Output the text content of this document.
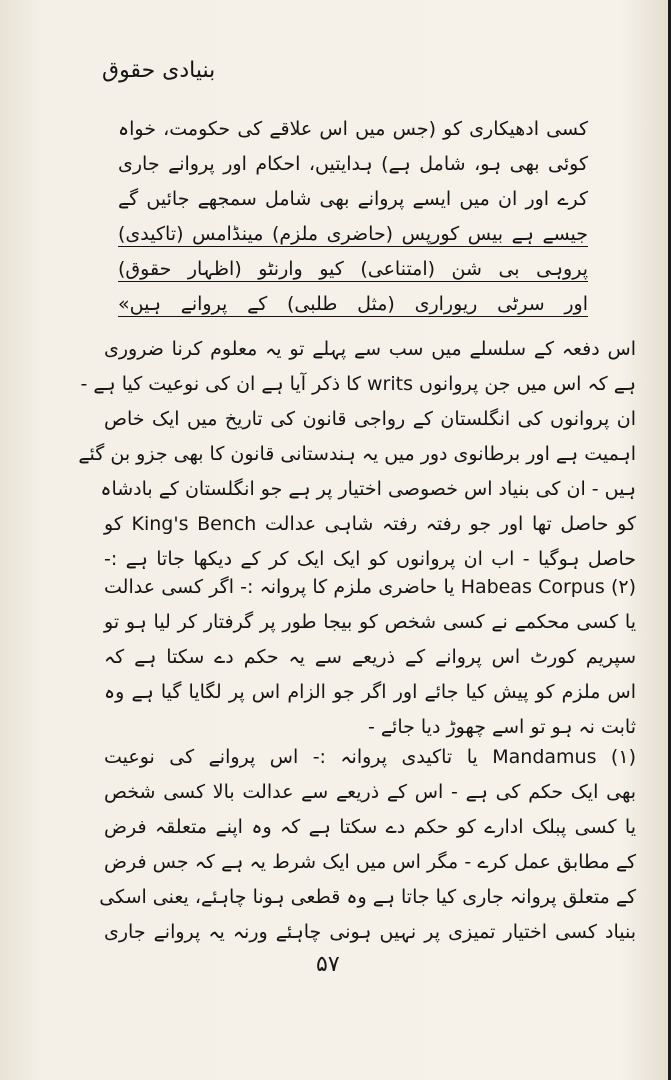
بنیادی حقوق
کسی ادھیکاری کو (جس میں اس علاقے کی حکومت، خواہ
کوئی بھی ہو، شامل ہے) ہدایتیں، احکام اور پروانے جاری
کرے اور ان میں ایسے پروانے بھی شامل سمجھے جائیں گے
جیسے ہے بیس کورپس (حاضری ملزم) مینڈامس (تاکیدی)
پروہی بی شن (امتناعی) کیو وارنٹو (اظہار حقوق)
اور سرٹی ریوراری (مثل طلبی) کے پروانے ہیں»
اس دفعہ کے سلسلے میں سب سے پہلے تو یہ معلوم کرنا ضروری
ہے کہ اس میں جن پروانوں writs کا ذکر آیا ہے ان کی نوعیت کیا ہے -
ان پروانوں کی انگلستان کے رواجی قانون کی تاریخ میں ایک خاص
اہمیت ہے اور برطانوی دور میں یہ ہندستانی قانون کا بھی جزو بن گئے
ہیں - ان کی بنیاد اس خصوصی اختیار پر ہے جو انگلستان کے بادشاہ
کو حاصل تھا اور جو رفتہ رفتہ شاہی عدالت King's Bench کو
حاصل ہوگیا - اب ان پروانوں کو ایک ایک کر کے دیکھا جاتا ہے :-
(۲) Habeas Corpus یا حاضری ملزم کا پروانہ :- اگر کسی عدالت
یا کسی محکمے نے کسی شخص کو بیجا طور پر گرفتار کر لیا ہو تو
سپریم کورٹ اس پروانے کے ذریعے سے یہ حکم دے سکتا ہے کہ
اس ملزم کو پیش کیا جائے اور اگر جو الزام اس پر لگایا گیا ہے وہ
ثابت نہ ہو تو اسے چھوڑ دیا جائے -
(۱) Mandamus یا تاکیدی پروانہ :- اس پروانے کی نوعیت
بھی ایک حکم کی ہے - اس کے ذریعے سے عدالت بالا کسی شخص
یا کسی پبلک ادارے کو حکم دے سکتا ہے کہ وہ اپنے متعلقہ فرض
کے مطابق عمل کرے - مگر اس میں ایک شرط یہ ہے کہ جس فرض
کے متعلق پروانہ جاری کیا جاتا ہے وہ قطعی ہونا چاہئے، یعنی اسکی
بنیاد کسی اختیار تمیزی پر نہیں ہونی چاہئے ورنہ یہ پروانے جاری
۵۷
